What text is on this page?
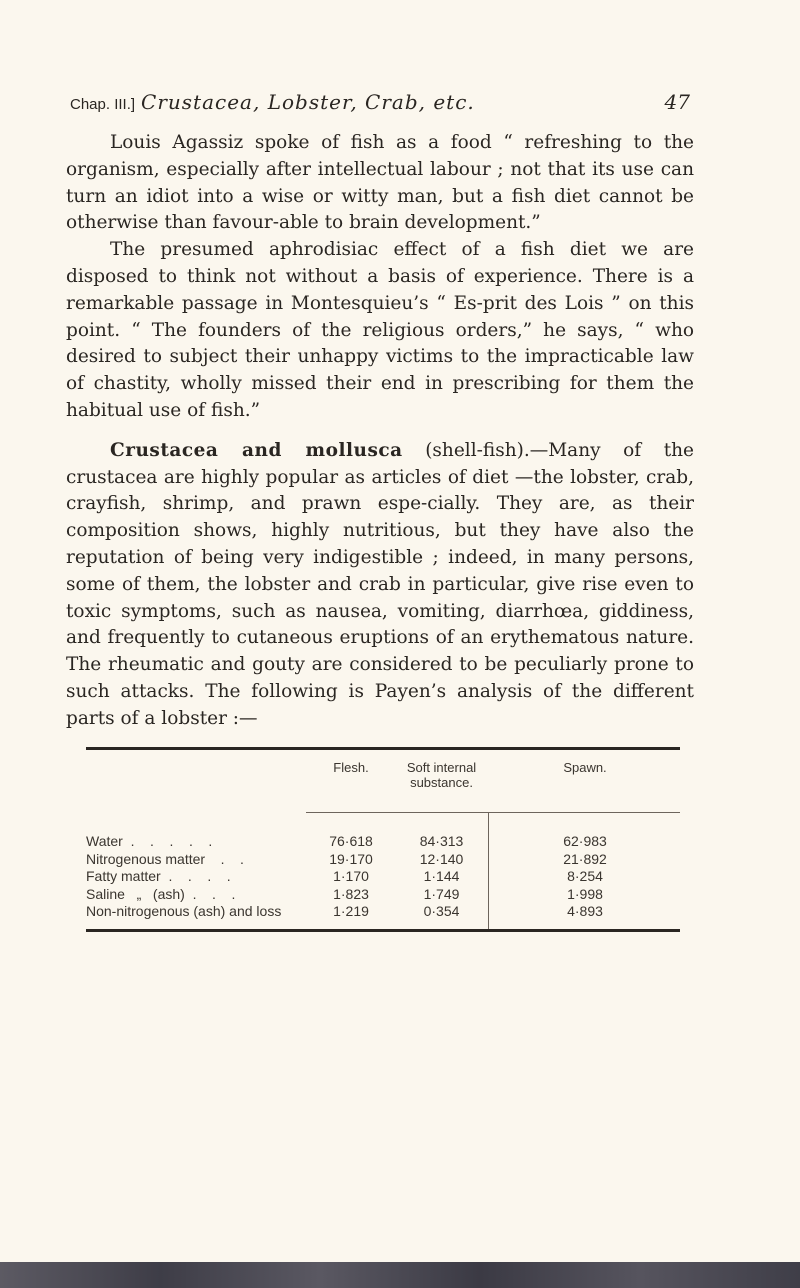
Chap. III.] Crustacea, Lobster, Crab, etc.	47

Louis Agassiz spoke of fish as a food “ refreshing to the organism, especially after intellectual labour ; not that its use can turn an idiot into a wise or witty man, but a fish diet cannot be otherwise than favour-able to brain development.”

The presumed aphrodisiac effect of a fish diet we are disposed to think not without a basis of experience. There is a remarkable passage in Montesquieu’s “ Es-prit des Lois ” on this point. “ The founders of the religious orders,” he says, “ who desired to subject their unhappy victims to the impracticable law of chastity, wholly missed their end in prescribing for them the habitual use of fish.”

Crustacea and mollusca (shell-fish).—Many of the crustacea are highly popular as articles of diet —the lobster, crab, crayfish, shrimp, and prawn espe-cially. They are, as their composition shows, highly nutritious, but they have also the reputation of being very indigestible ; indeed, in many persons, some of them, the lobster and crab in particular, give rise even to toxic symptoms, such as nausea, vomiting, diarrhœa, giddiness, and frequently to cutaneous eruptions of an erythematous nature. The rheumatic and gouty are considered to be peculiarly prone to such attacks. The following is Payen’s analysis of the different parts of a lobster :—

Flesh.	Soft internal substance.
Spawn.
Water  .    .    .    .    .
Nitrogenous matter    .    .
Fatty matter  .    .    .    .
Saline   „   (ash)  .    .    .
Non-nitrogenous (ash) and loss
76·618
19·170
1·170
1·823
1·219
84·313
12·140
1·144
1·749
0·354
62·983
21·892
8·254
1·998
4·893
